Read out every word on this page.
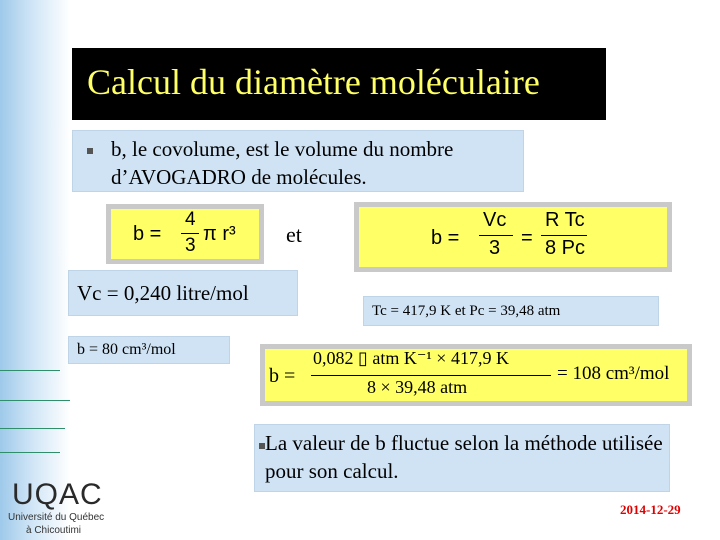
Calcul du diamètre moléculaire
b, le covolume, est le volume du nombre d’AVOGADRO de molécules.
b =
4
3
π r³ et	b =
Vc
3 =
R Tc
8 Pc
Vc = 0,240 litre/mol
Tc = 417,9 K et Pc = 39,48 atm
b = 80 cm³/mol
b =
0,082 ▯ atm K⁻¹ × 417,9 K
8 × 39,48 atm
= 108 cm³/mol
La valeur de b fluctue selon la méthode utilisée pour son calcul.
UQAC
Université du Québec
à Chicoutimi
2014-12-29
